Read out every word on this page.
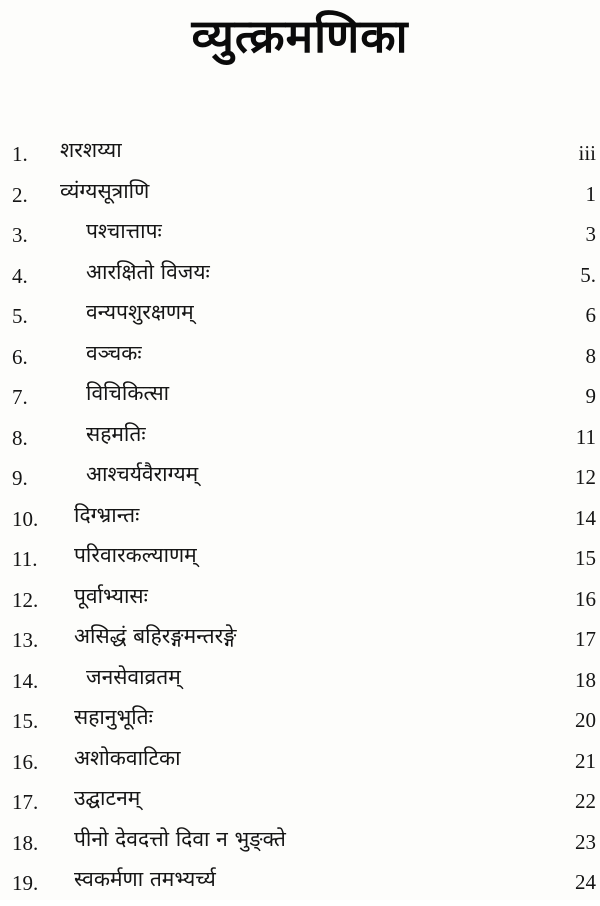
व्युत्क्रमणिका
1. शरशय्या	iii
2. व्यंग्यसूत्राणि	1
3.	पश्चात्तापः	3
4.	आरक्षितो विजयः	5.
5.	वन्यपशुरक्षणम्	6
6.	वञ्चकः	8
7.	विचिकित्सा	9
8.	सहमतिः	11
9.	आश्चर्यवैराग्यम्	12
10. दिग्भ्रान्तः	14
11. परिवारकल्याणम्	15
12. पूर्वाभ्यासः	16
13. असिद्धं बहिरङ्गमन्तरङ्गे	17
14. जनसेवाव्रतम्	18
15. सहानुभूतिः	20
16. अशोकवाटिका	21
17. उद्घाटनम्	22
18. पीनो देवदत्तो दिवा न भुङ्क्ते	23
19. स्वकर्मणा तमभ्यर्च्य	24
